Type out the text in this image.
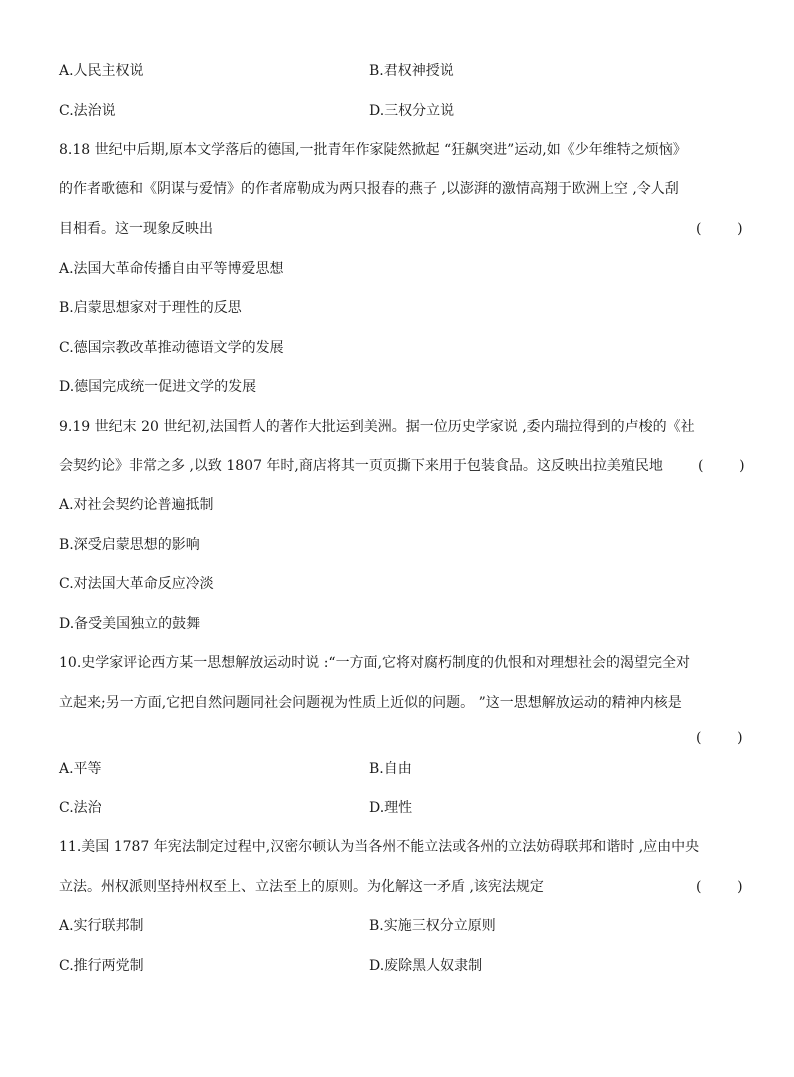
A.人民主权说	B.君权神授说
C.法治说	D.三权分立说
8.18 世纪中后期,原本文学落后的德国,一批青年作家陡然掀起 “狂飙突进”运动,如《少年维特之烦恼》
的作者歌德和《阴谋与爱情》的作者席勒成为两只报春的燕子 ,以澎湃的激情高翔于欧洲上空 ,令人刮
目相看。这一现象反映出	(        )
A.法国大革命传播自由平等博爱思想
B.启蒙思想家对于理性的反思
C.德国宗教改革推动德语文学的发展
D.德国完成统一促进文学的发展
9.19 世纪末 20 世纪初,法国哲人的著作大批运到美洲。据一位历史学家说 ,委内瑞拉得到的卢梭的《社
会契约论》非常之多 ,以致 1807 年时,商店将其一页页撕下来用于包装食品。这反映出拉美殖民地	(        )
A.对社会契约论普遍抵制
B.深受启蒙思想的影响
C.对法国大革命反应冷淡
D.备受美国独立的鼓舞
10.史学家评论西方某一思想解放运动时说 :“一方面,它将对腐朽制度的仇恨和对理想社会的渴望完全对
立起来;另一方面,它把自然问题同社会问题视为性质上近似的问题。 ”这一思想解放运动的精神内核是
(        )
A.平等	B.自由
C.法治	D.理性
11.美国 1787 年宪法制定过程中,汉密尔顿认为当各州不能立法或各州的立法妨碍联邦和谐时 ,应由中央
立法。州权派则坚持州权至上、立法至上的原则。为化解这一矛盾 ,该宪法规定	(        )
A.实行联邦制	B.实施三权分立原则
C.推行两党制	D.废除黑人奴隶制
